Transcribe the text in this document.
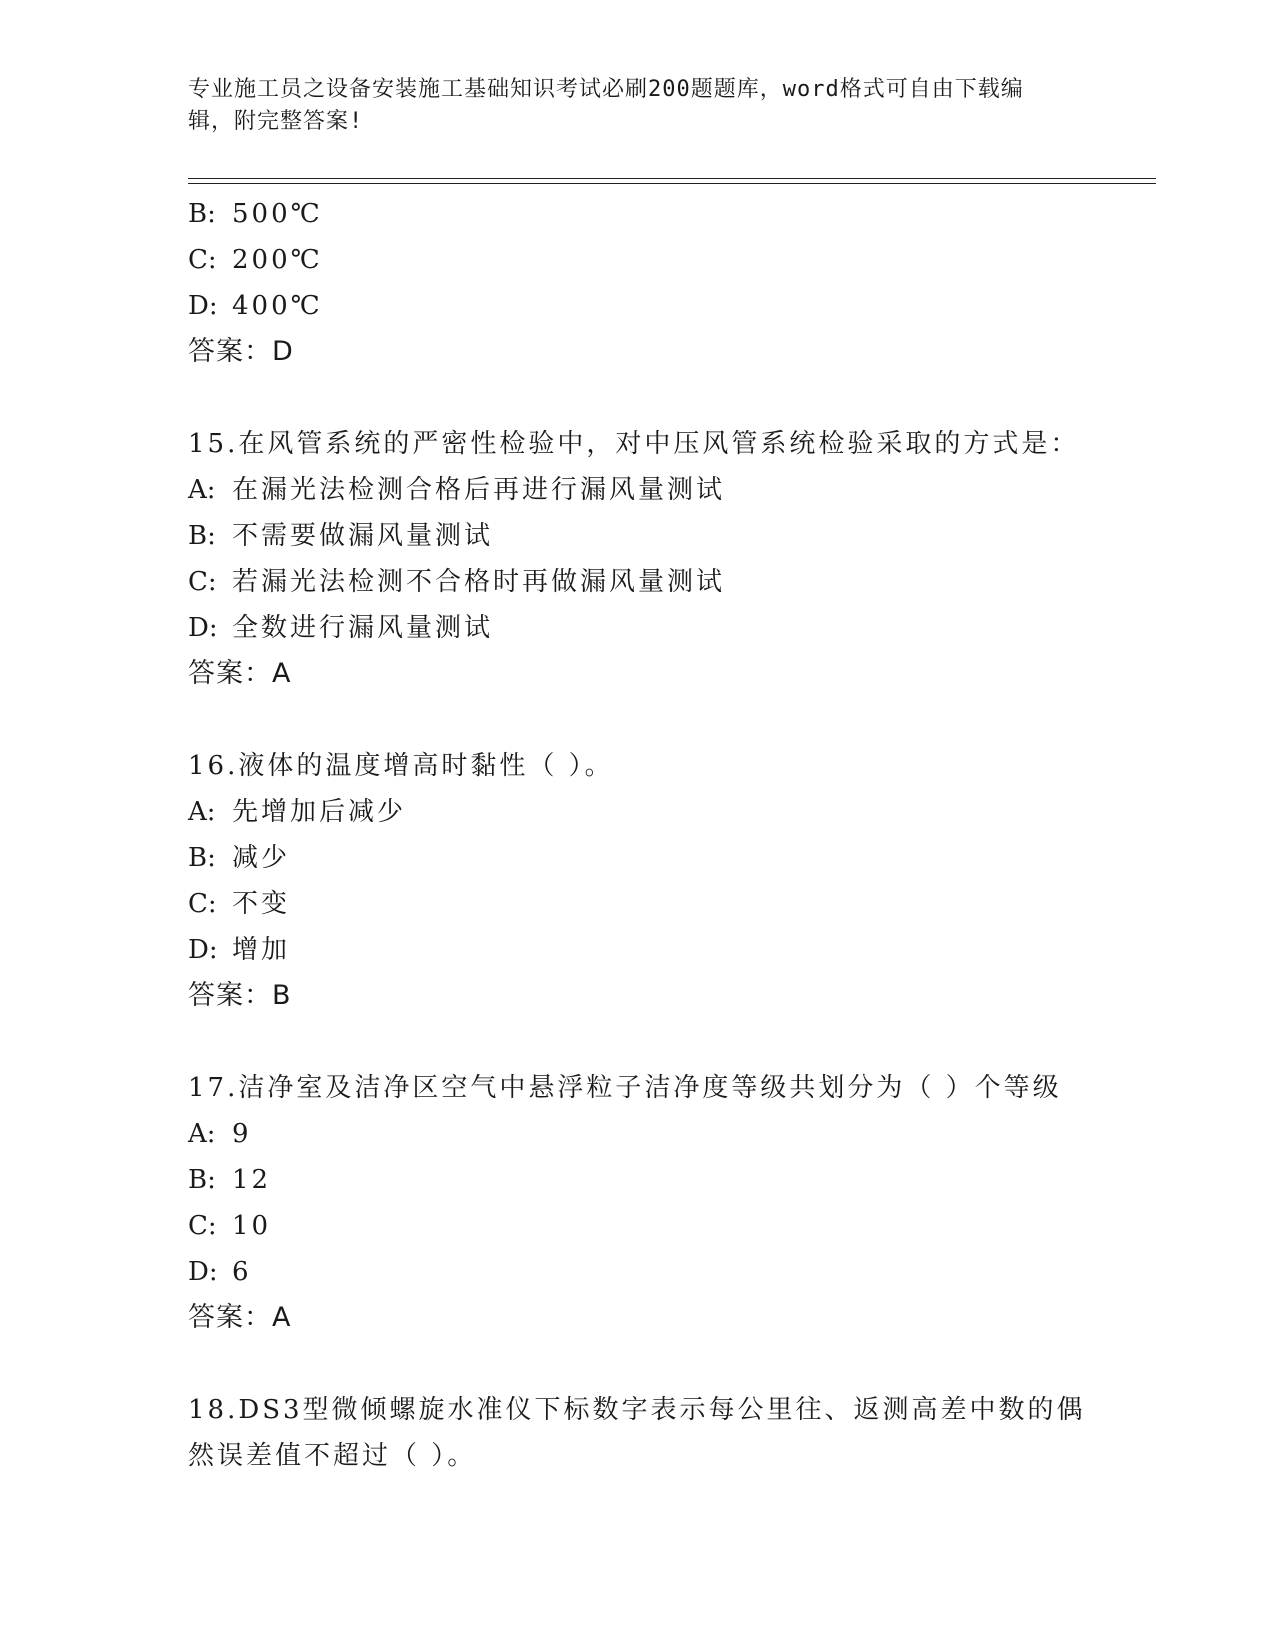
专业施工员之设备安装施工基础知识考试必刷200题题库，word格式可自由下载编辑，附完整答案!
B: 500℃
C: 200℃
D: 400℃
答案：D
15.在风管系统的严密性检验中，对中压风管系统检验采取的方式是：
A: 在漏光法检测合格后再进行漏风量测试
B: 不需要做漏风量测试
C: 若漏光法检测不合格时再做漏风量测试
D: 全数进行漏风量测试
答案：A
16.液体的温度增高时黏性（ ）。
A: 先增加后减少
B: 减少
C: 不变
D: 增加
答案：B
17.洁净室及洁净区空气中悬浮粒子洁净度等级共划分为（ ）个等级
A: 9
B: 12
C: 10
D: 6
答案：A
18.DS3型微倾螺旋水准仪下标数字表示每公里往、返测高差中数的偶
然误差值不超过（ ）。
